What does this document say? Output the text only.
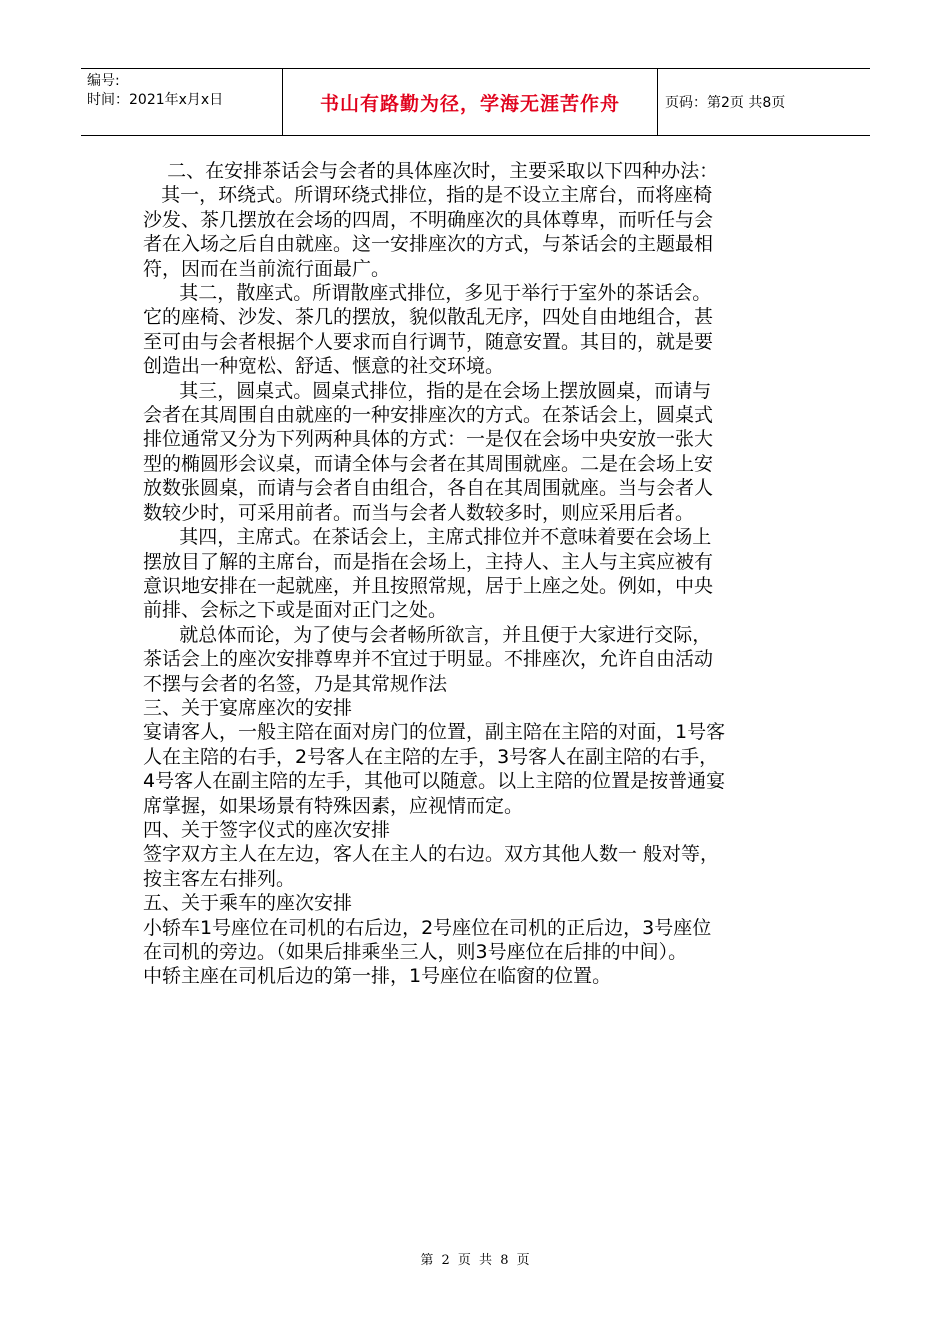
编号:
时间：2021年x月x日	书山有路勤为径，学海无涯苦作舟	页码：第2页 共8页

二、在安排茶话会与会者的具体座次时，主要采取以下四种办法：

其一，环绕式。所谓环绕式排位，指的是不设立主席台，而将座椅

沙发、茶几摆放在会场的四周，不明确座次的具体尊卑，而听任与会

者在入场之后自由就座。这一安排座次的方式，与茶话会的主题最相

符，因而在当前流行面最广。

其二，散座式。所谓散座式排位，多见于举行于室外的茶话会。

它的座椅、沙发、茶几的摆放，貌似散乱无序，四处自由地组合，甚

至可由与会者根据个人要求而自行调节，随意安置。其目的，就是要

创造出一种宽松、舒适、惬意的社交环境。

其三，圆桌式。圆桌式排位，指的是在会场上摆放圆桌，而请与

会者在其周围自由就座的一种安排座次的方式。在茶话会上，圆桌式

排位通常又分为下列两种具体的方式：一是仅在会场中央安放一张大

型的椭圆形会议桌，而请全体与会者在其周围就座。二是在会场上安

放数张圆桌，而请与会者自由组合，各自在其周围就座。当与会者人

数较少时，可采用前者。而当与会者人数较多时，则应采用后者。

其四，主席式。在茶话会上，主席式排位并不意味着要在会场上

摆放目了解的主席台，而是指在会场上，主持人、主人与主宾应被有

意识地安排在一起就座，并且按照常规，居于上座之处。例如，中央

前排、会标之下或是面对正门之处。

就总体而论，为了使与会者畅所欲言，并且便于大家进行交际，

茶话会上的座次安排尊卑并不宜过于明显。不排座次，允许自由活动

不摆与会者的名签，乃是其常规作法

三、关于宴席座次的安排

宴请客人，一般主陪在面对房门的位置，副主陪在主陪的对面，1号客

人在主陪的右手，2号客人在主陪的左手，3号客人在副主陪的右手，

4号客人在副主陪的左手，其他可以随意。以上主陪的位置是按普通宴

席掌握，如果场景有特殊因素，应视情而定。

四、关于签字仪式的座次安排

签字双方主人在左边，客人在主人的右边。双方其他人数一 般对等，

按主客左右排列。

五、关于乘车的座次安排

小轿车1号座位在司机的右后边，2号座位在司机的正后边，3号座位

在司机的旁边。（如果后排乘坐三人，则3号座位在后排的中间）。

中轿主座在司机后边的第一排，1号座位在临窗的位置。

第 2 页 共 8 页
